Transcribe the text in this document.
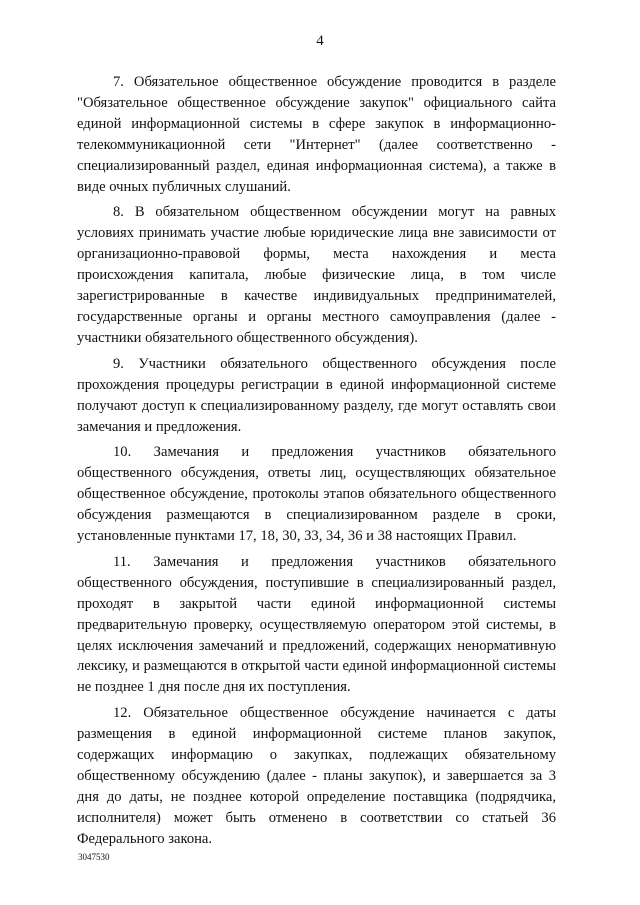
4

7. Обязательное общественное обсуждение проводится в разделе "Обязательное общественное обсуждение закупок" официального сайта единой информационной системы в сфере закупок в информационно-телекоммуникационной сети "Интернет" (далее соответственно - специализированный раздел, единая информационная система), а также в виде очных публичных слушаний.

8. В обязательном общественном обсуждении могут на равных условиях принимать участие любые юридические лица вне зависимости от организационно-правовой формы, места нахождения и места происхождения капитала, любые физические лица, в том числе зарегистрированные в качестве индивидуальных предпринимателей, государственные органы и органы местного самоуправления (далее - участники обязательного общественного обсуждения).

9. Участники обязательного общественного обсуждения после прохождения процедуры регистрации в единой информационной системе получают доступ к специализированному разделу, где могут оставлять свои замечания и предложения.

10. Замечания и предложения участников обязательного общественного обсуждения, ответы лиц, осуществляющих обязательное общественное обсуждение, протоколы этапов обязательного общественного обсуждения размещаются в специализированном разделе в сроки, установленные пунктами 17, 18, 30, 33, 34, 36 и 38 настоящих Правил.

11. Замечания и предложения участников обязательного общественного обсуждения, поступившие в специализированный раздел, проходят в закрытой части единой информационной системы предварительную проверку, осуществляемую оператором этой системы, в целях исключения замечаний и предложений, содержащих ненормативную лексику, и размещаются в открытой части единой информационной системы не позднее 1 дня после дня их поступления.

12. Обязательное общественное обсуждение начинается с даты размещения в единой информационной системе планов закупок, содержащих информацию о закупках, подлежащих обязательному общественному обсуждению (далее - планы закупок), и завершается за 3 дня до даты, не позднее которой определение поставщика (подрядчика, исполнителя) может быть отменено в соответствии со статьей 36 Федерального закона.

3047530
